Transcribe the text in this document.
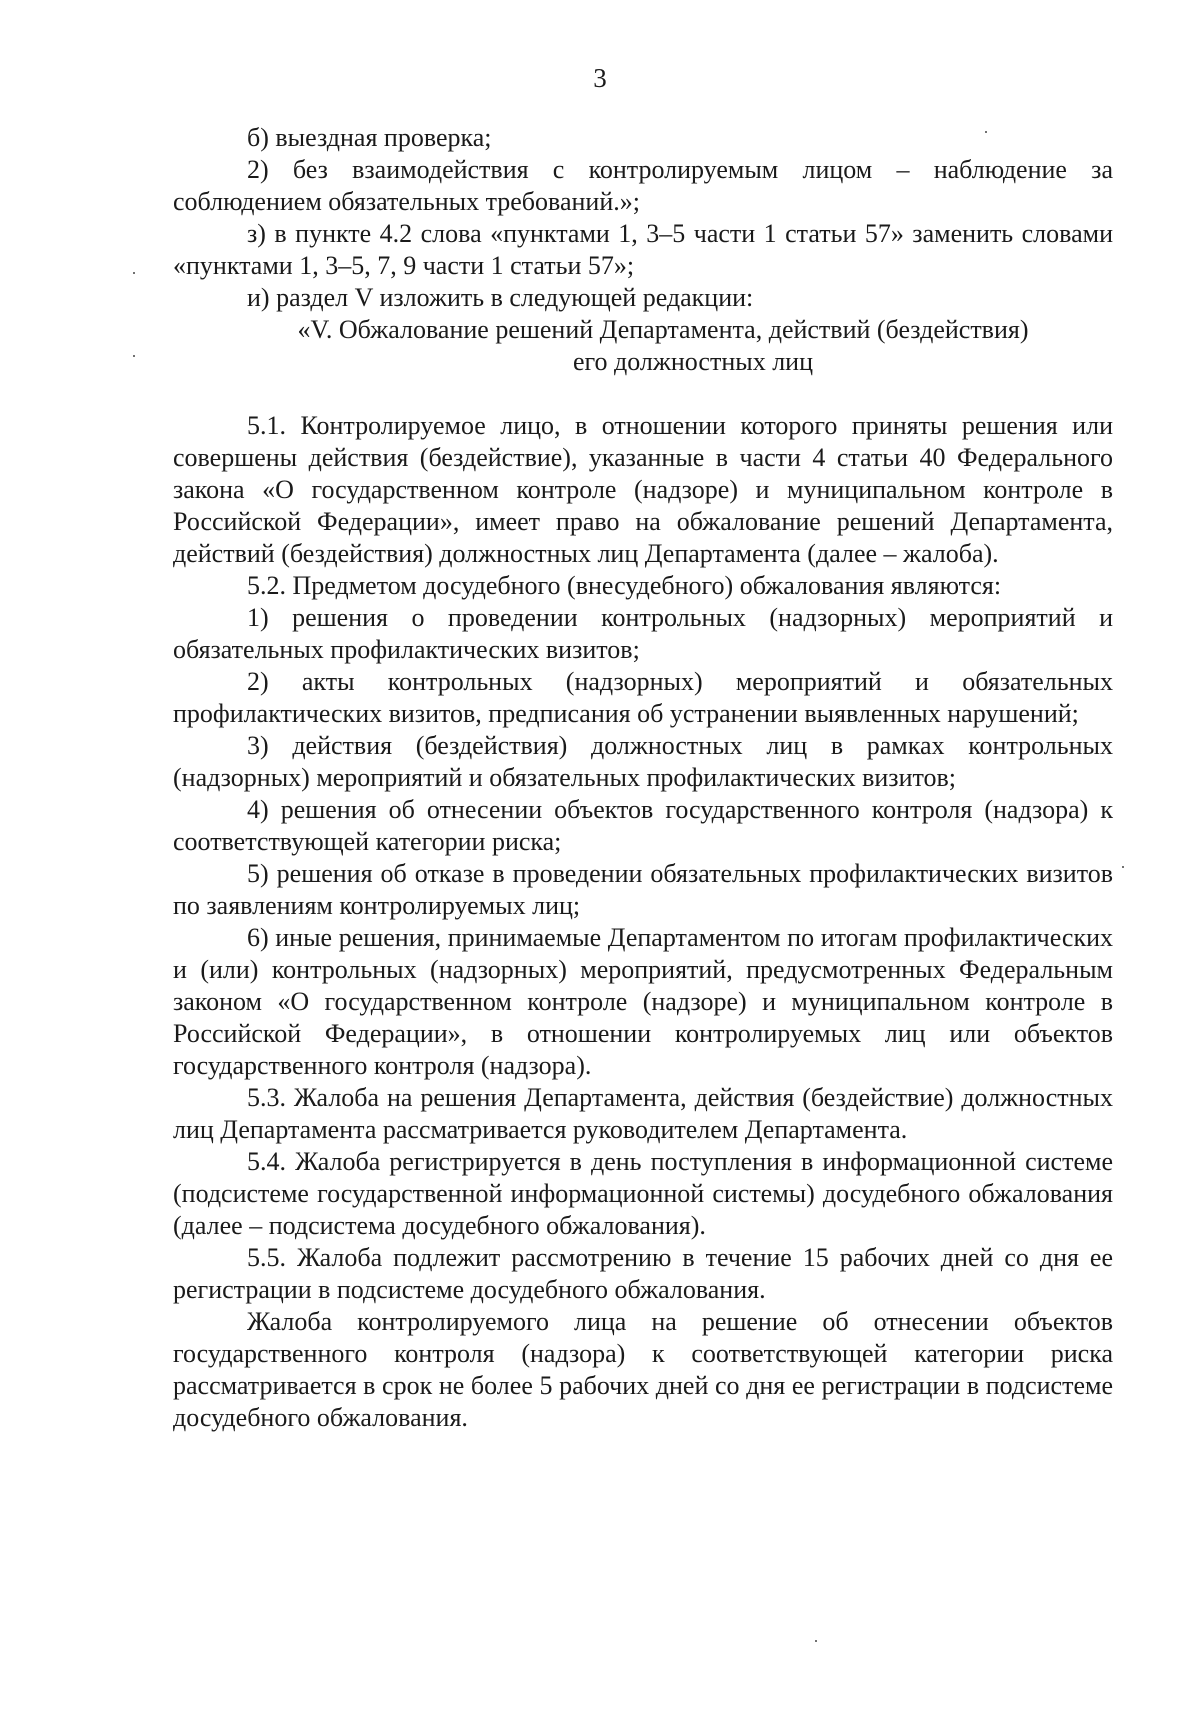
3

б) выездная проверка;

2) без взаимодействия с контролируемым лицом – наблюдение за соблюдением обязательных требований.»;

з) в пункте 4.2 слова «пунктами 1, 3–5 части 1 статьи 57» заменить словами «пунктами 1, 3–5, 7, 9 части 1 статьи 57»;

и) раздел V изложить в следующей редакции:

«V. Обжалование решений Департамента, действий (бездействия)

его должностных лиц

5.1. Контролируемое лицо, в отношении которого приняты решения или совершены действия (бездействие), указанные в части 4 статьи 40 Федерального закона «О государственном контроле (надзоре) и муниципальном контроле в Российской Федерации», имеет право на обжалование решений Департамента, действий (бездействия) должностных лиц Департамента (далее – жалоба).

5.2. Предметом досудебного (внесудебного) обжалования являются:

1) решения о проведении контрольных (надзорных) мероприятий и обязательных профилактических визитов;

2) акты контрольных (надзорных) мероприятий и обязательных профилактических визитов, предписания об устранении выявленных нарушений;

3) действия (бездействия) должностных лиц в рамках контрольных (надзорных) мероприятий и обязательных профилактических визитов;

4) решения об отнесении объектов государственного контроля (надзора) к соответствующей категории риска;

5) решения об отказе в проведении обязательных профилактических визитов по заявлениям контролируемых лиц;

6) иные решения, принимаемые Департаментом по итогам профилактических и (или) контрольных (надзорных) мероприятий, предусмотренных Федеральным законом «О государственном контроле (надзоре) и муниципальном контроле в Российской Федерации», в отношении контролируемых лиц или объектов государственного контроля (надзора).

5.3. Жалоба на решения Департамента, действия (бездействие) должностных лиц Департамента рассматривается руководителем Департамента.

5.4. Жалоба регистрируется в день поступления в информационной системе (подсистеме государственной информационной системы) досудебного обжалования (далее – подсистема досудебного обжалования).

5.5. Жалоба подлежит рассмотрению в течение 15 рабочих дней со дня ее регистрации в подсистеме досудебного обжалования.

Жалоба контролируемого лица на решение об отнесении объектов государственного контроля (надзора) к соответствующей категории риска рассматривается в срок не более 5 рабочих дней со дня ее регистрации в подсистеме досудебного обжалования.
